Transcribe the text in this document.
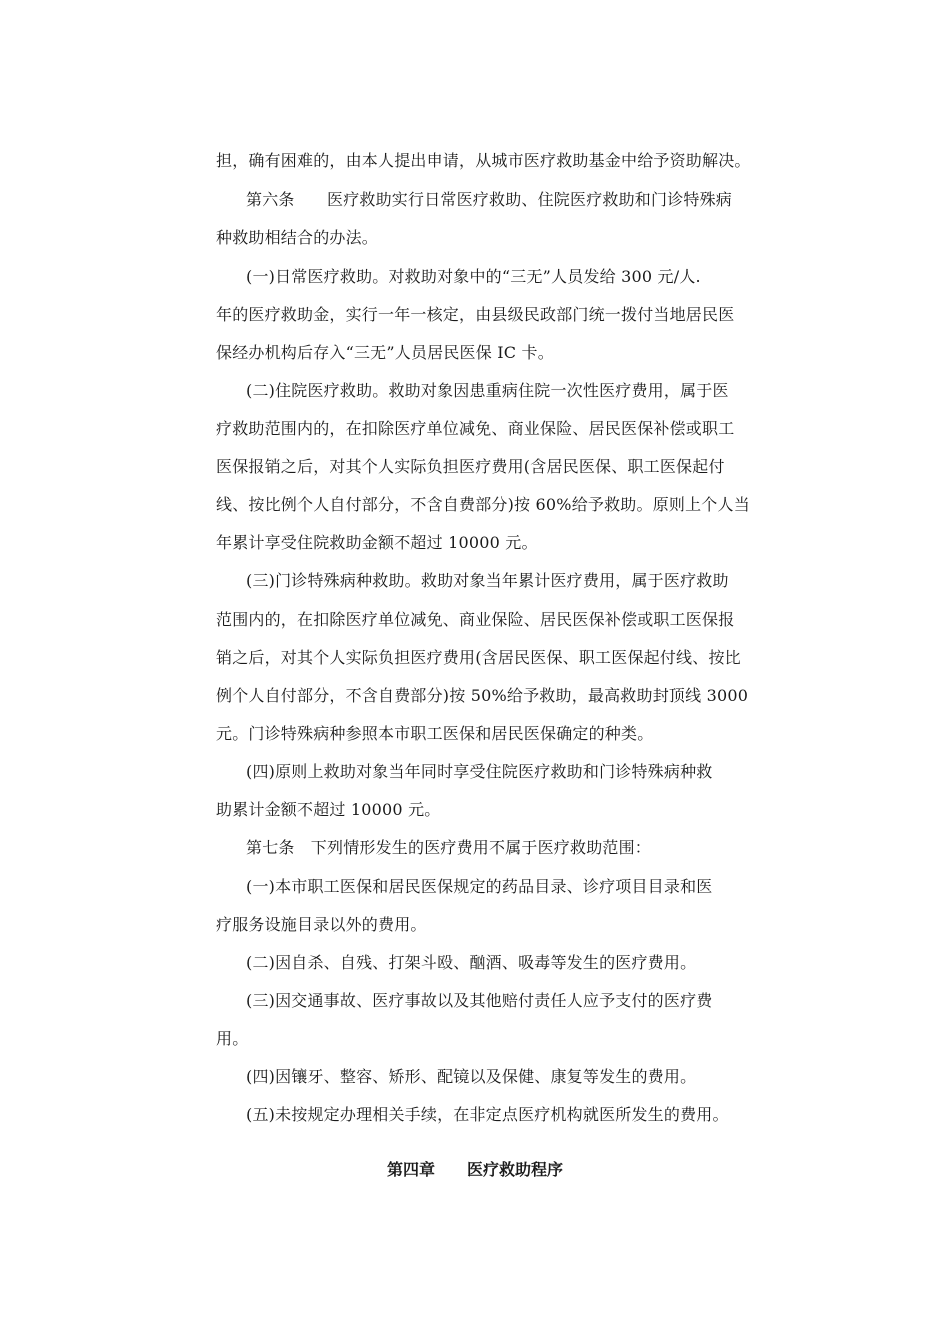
担，确有困难的，由本人提出申请，从城市医疗救助基金中给予资助解决。
第六条　　医疗救助实行日常医疗救助、住院医疗救助和门诊特殊病
种救助相结合的办法。
(一)日常医疗救助。对救助对象中的“三无”人员发给 300 元/人.
年的医疗救助金，实行一年一核定，由县级民政部门统一拨付当地居民医
保经办机构后存入“三无”人员居民医保 IC 卡。
(二)住院医疗救助。救助对象因患重病住院一次性医疗费用，属于医
疗救助范围内的，在扣除医疗单位减免、商业保险、居民医保补偿或职工
医保报销之后，对其个人实际负担医疗费用(含居民医保、职工医保起付
线、按比例个人自付部分，不含自费部分)按 60%给予救助。原则上个人当
年累计享受住院救助金额不超过 10000 元。
(三)门诊特殊病种救助。救助对象当年累计医疗费用，属于医疗救助
范围内的，在扣除医疗单位减免、商业保险、居民医保补偿或职工医保报
销之后，对其个人实际负担医疗费用(含居民医保、职工医保起付线、按比
例个人自付部分，不含自费部分)按 50%给予救助，最高救助封顶线 3000
元。门诊特殊病种参照本市职工医保和居民医保确定的种类。
(四)原则上救助对象当年同时享受住院医疗救助和门诊特殊病种救
助累计金额不超过 10000 元。
第七条　下列情形发生的医疗费用不属于医疗救助范围：
(一)本市职工医保和居民医保规定的药品目录、诊疗项目目录和医
疗服务设施目录以外的费用。
(二)因自杀、自残、打架斗殴、酗酒、吸毒等发生的医疗费用。
(三)因交通事故、医疗事故以及其他赔付责任人应予支付的医疗费
用。
(四)因镶牙、整容、矫形、配镜以及保健、康复等发生的费用。
(五)未按规定办理相关手续，在非定点医疗机构就医所发生的费用。
第四章　　医疗救助程序
